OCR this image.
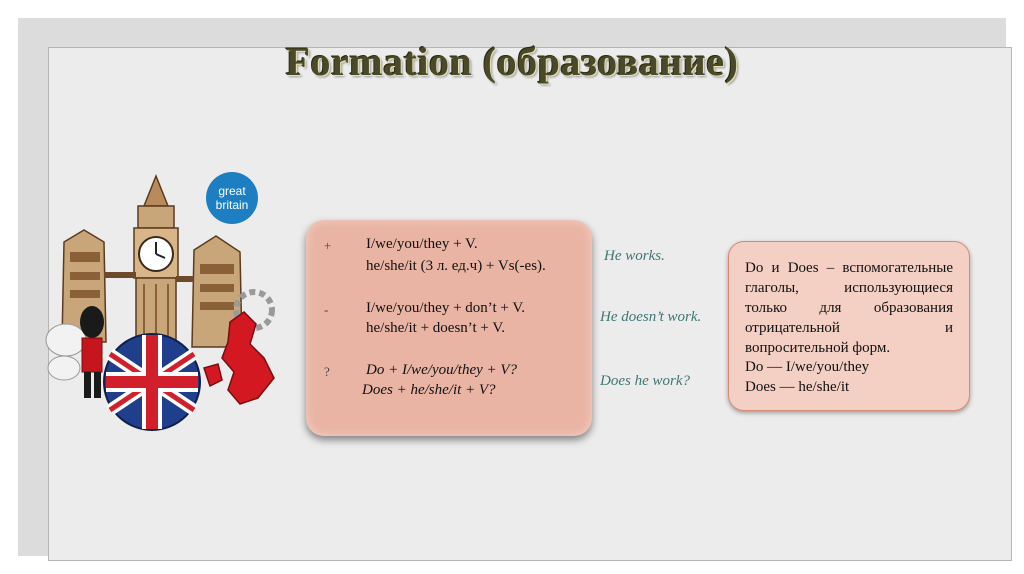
Formation (образование)
great
britain
+ I/we/you/they + V.
he/she/it (3 л. ед.ч) + Vs(-es).
-	I/we/you/they + don’t + V.
he/she/it + doesn’t + V.
? Do + I/we/you/they + V?
Does + he/she/it + V?
He works.
He doesn’t work.
Does he work?
Do и Does – вспомогательные глаголы, использующиеся только для образования отрицательной и вопросительной форм.
Do — I/we/you/they
Does — he/she/it
